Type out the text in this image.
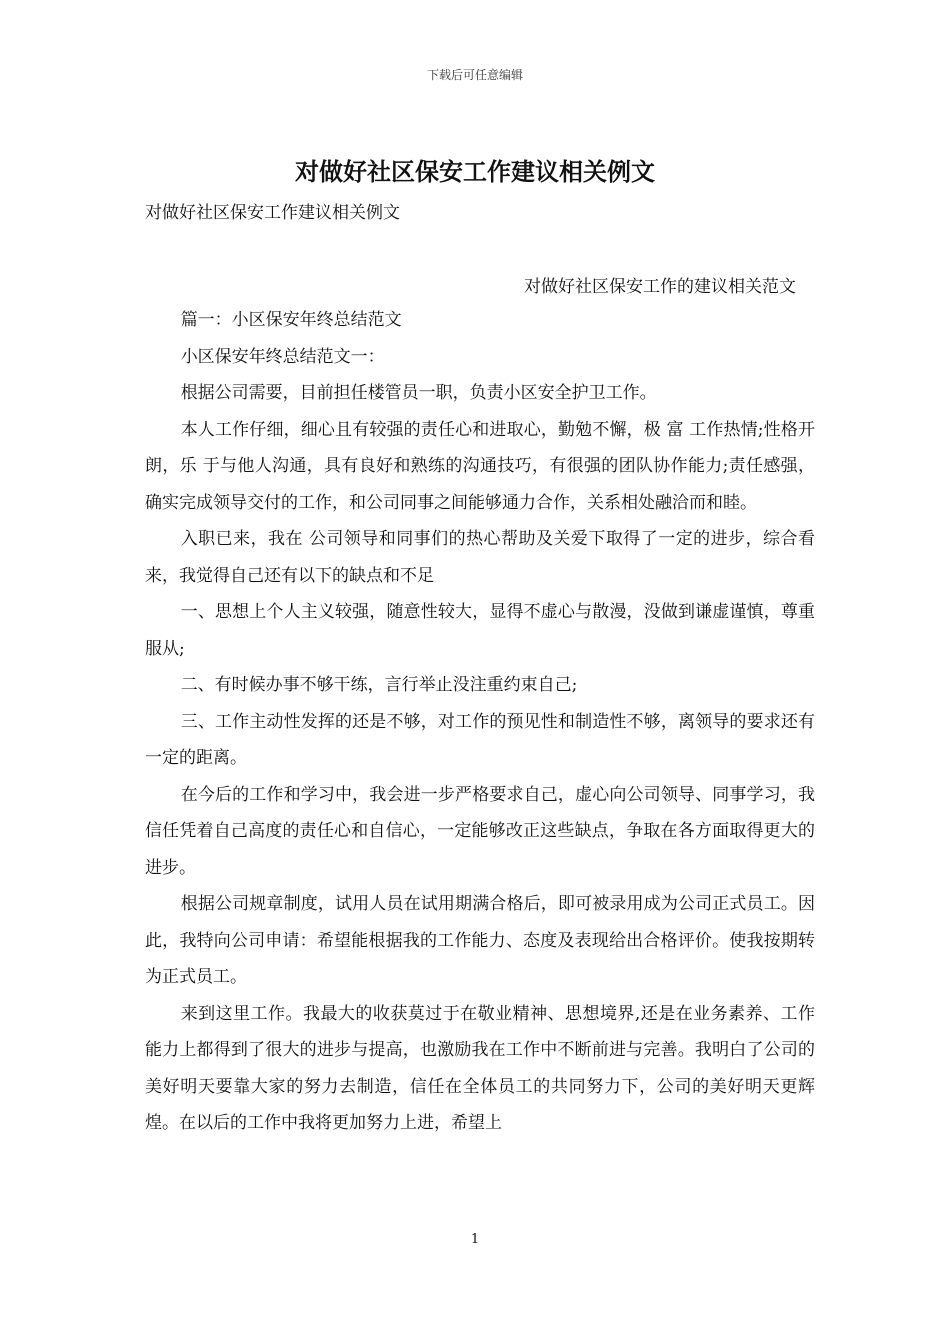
下载后可任意编辑
对做好社区保安工作建议相关例文
对做好社区保安工作建议相关例文
对做好社区保安工作的建议相关范文

篇一：小区保安年终总结范文

小区保安年终总结范文一：

根据公司需要，目前担任楼管员一职，负责小区安全护卫工作。

本人工作仔细，细心且有较强的责任心和进取心，勤勉不懈，极 富 工作热情;性格开朗，乐 于与他人沟通，具有良好和熟练的沟通技巧，有很强的团队协作能力;责任感强，确实完成领导交付的工作，和公司同事之间能够通力合作，关系相处融洽而和睦。

入职已来，我在 公司领导和同事们的热心帮助及关爱下取得了一定的进步，综合看来，我觉得自己还有以下的缺点和不足

一、思想上个人主义较强，随意性较大，显得不虚心与散漫，没做到谦虚谨慎，尊重服从;

二、有时候办事不够干练，言行举止没注重约束自己;

三、工作主动性发挥的还是不够，对工作的预见性和制造性不够，离领导的要求还有一定的距离。

在今后的工作和学习中，我会进一步严格要求自己，虚心向公司领导、同事学习，我信任凭着自己高度的责任心和自信心，一定能够改正这些缺点，争取在各方面取得更大的进步。

根据公司规章制度，试用人员在试用期满合格后，即可被录用成为公司正式员工。因此，我特向公司申请：希望能根据我的工作能力、态度及表现给出合格评价。使我按期转为正式员工。

来到这里工作。我最大的收获莫过于在敬业精神、思想境界,还是在业务素养、工作能力上都得到了很大的进步与提高，也激励我在工作中不断前进与完善。我明白了公司的美好明天要靠大家的努力去制造，信任在全体员工的共同努力下，公司的美好明天更辉煌。在以后的工作中我将更加努力上进，希望上

1
